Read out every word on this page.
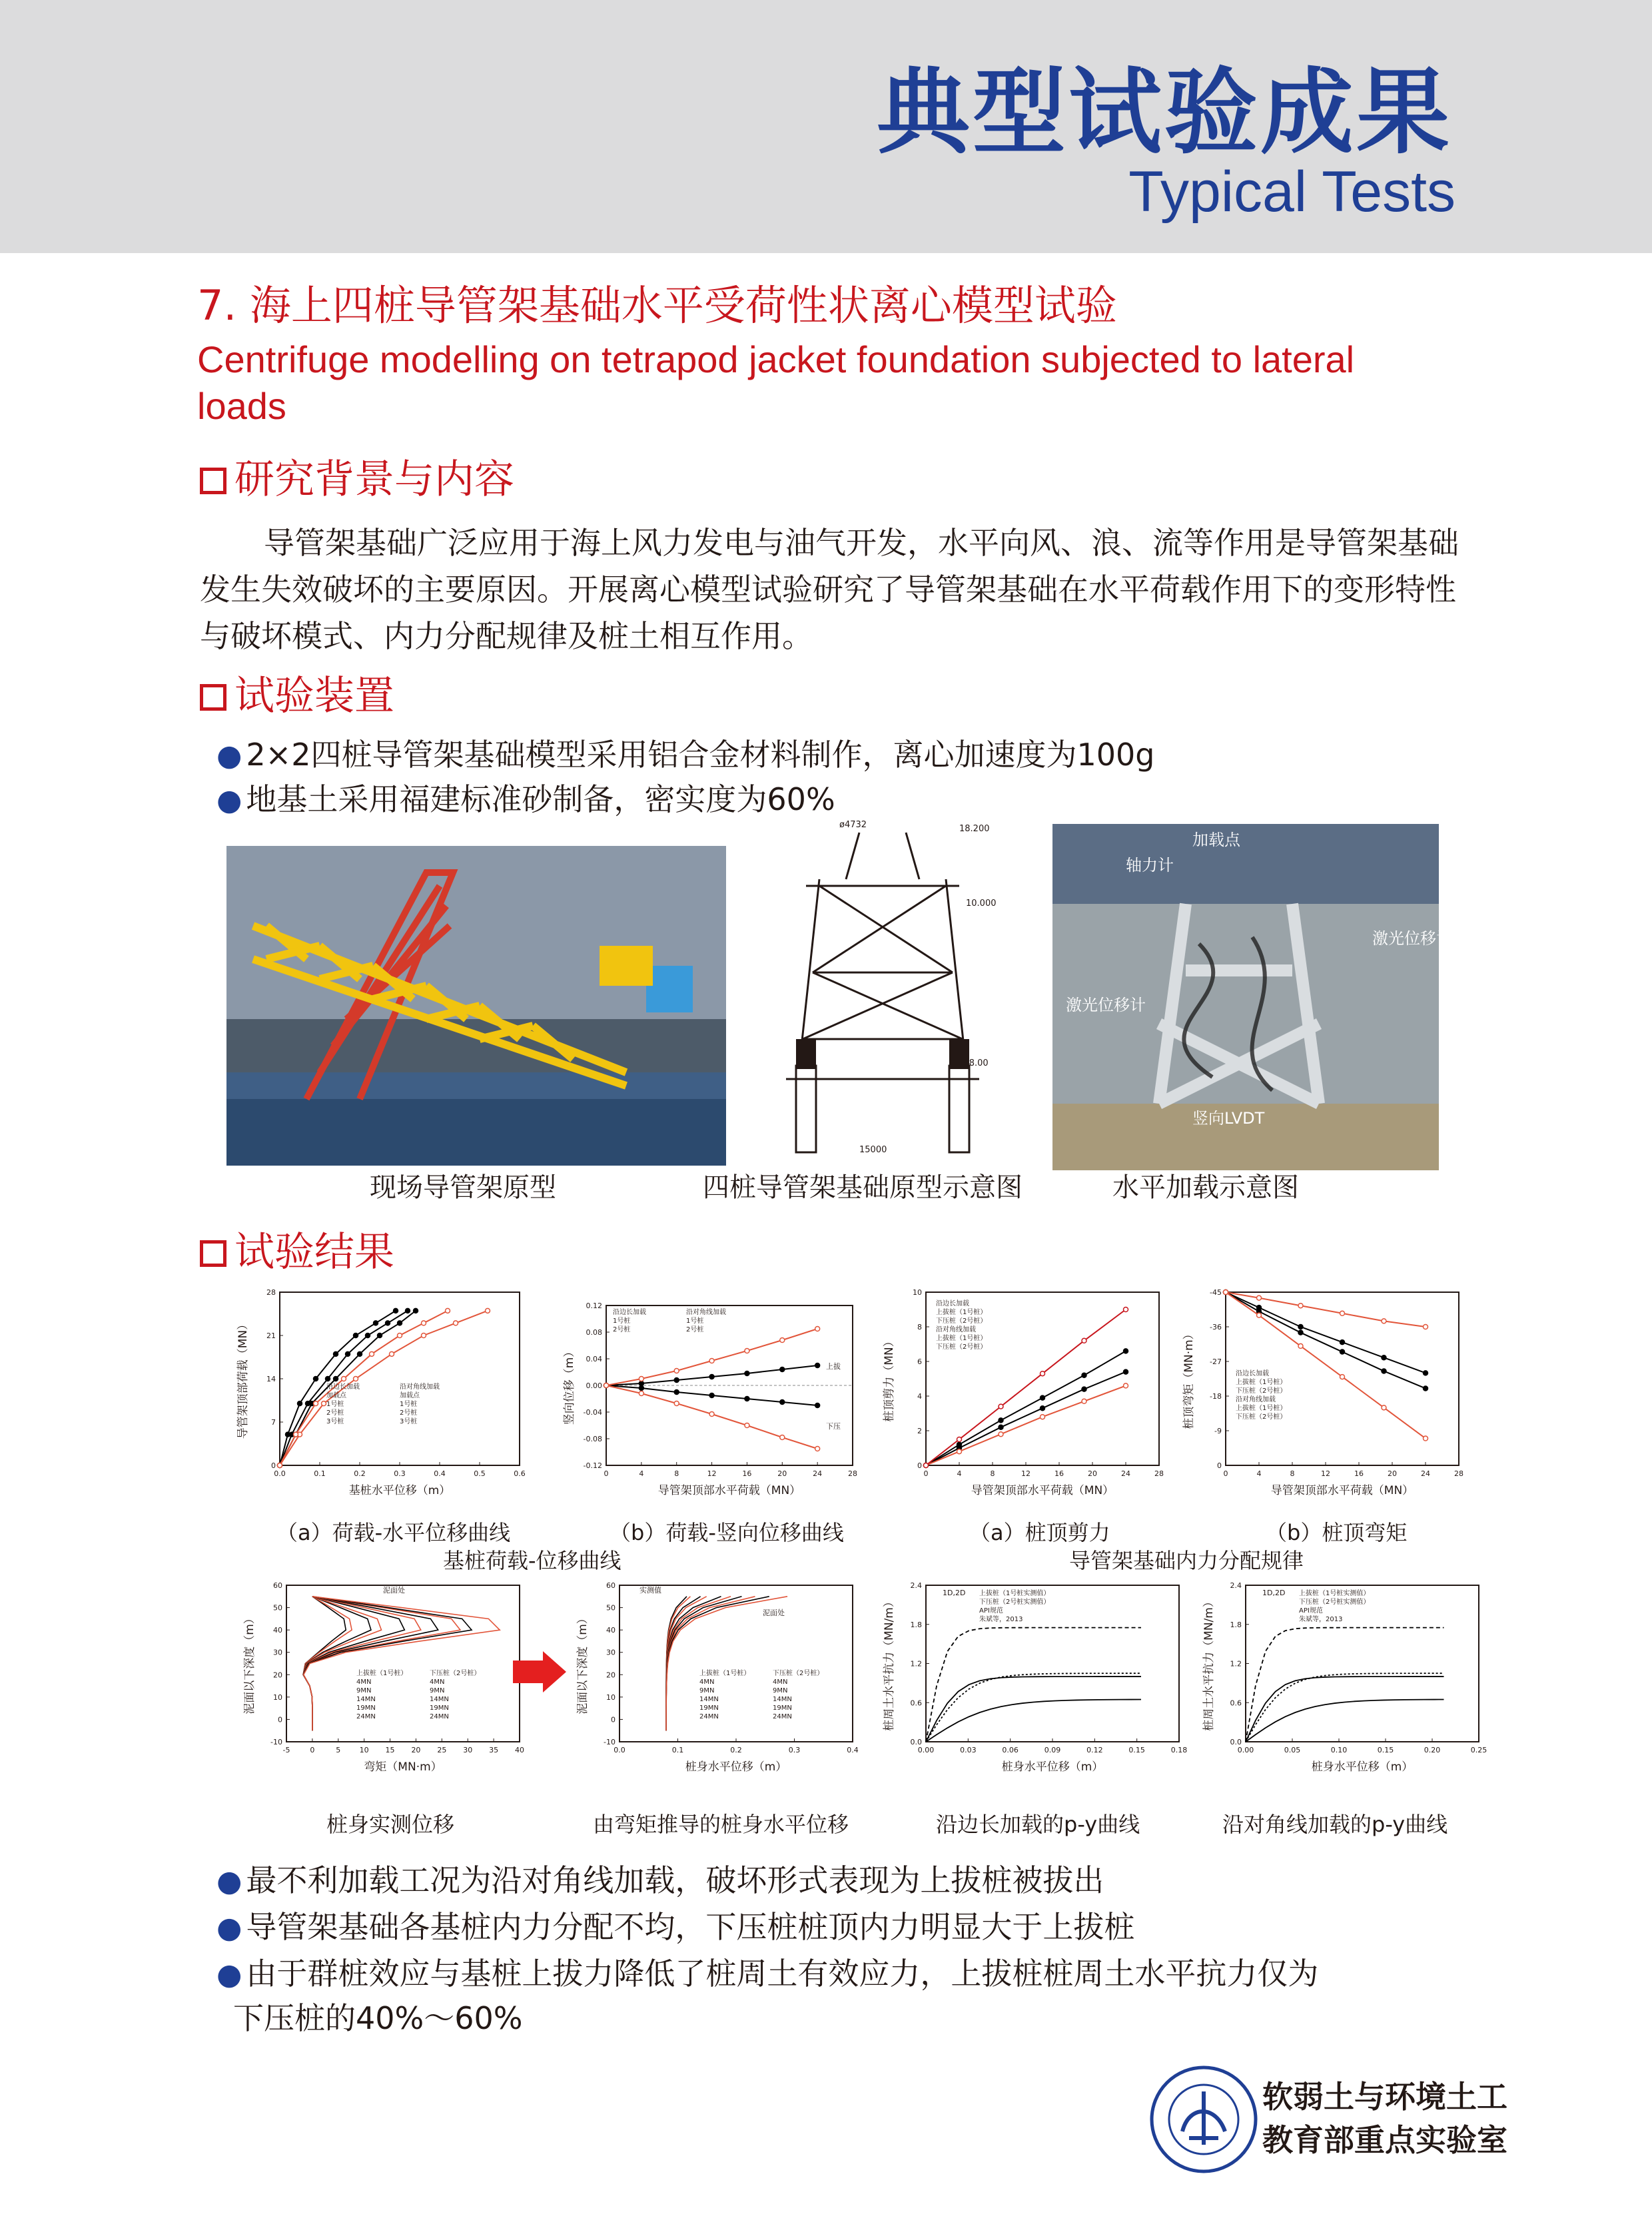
典型试验成果
Typical Tests
7. 海上四桩导管架基础水平受荷性状离心模型试验
Centrifuge modelling on tetrapod jacket foundation subjected to lateral loads
研究背景与内容
导管架基础广泛应用于海上风力发电与油气开发，水平向风、浪、流等作用是导管架基础发生失效破坏的主要原因。开展离心模型试验研究了导管架基础在水平荷载作用下的变形特性与破坏模式、内力分配规律及桩土相互作用。
试验装置
● 2×2四桩导管架基础模型采用铝合金材料制作，离心加速度为100g
● 地基土采用福建标准砂制备，密实度为60%
ø4732	18.200
10.000
-8.00
15000
加载点
轴力计
激光位移计
激光位移计
竖向LVDT
现场导管架原型	四桩导管架基础原型示意图	水平加载示意图
试验结果
0.0	0.1	0.2	0.3	0.4	0.5	0.6
0
7
14
21
28
基桩水平位移（m）
导管架顶部荷载（MN）	沿边长加载
加载点
1号桩
2号桩
3号桩
沿对角线加载
加载点
1号桩
2号桩
3号桩
0	4	8	12	16	20	24	28
-0.12
-0.08
-0.04
0.00
0.04
0.08
0.12
导管架顶部水平荷载（MN）
竖向位移（m）
沿边长加载
1号桩
2号桩
沿对角线加载
1号桩
2号桩
上拔
下压
0	4	8	12	16	20	24	28
0
2
4
6
8
10
导管架顶部水平荷载（MN）
桩顶剪力（MN）
沿边长加载
上拔桩（1号桩）
下压桩（2号桩）
沿对角线加载
上拔桩（1号桩）
下压桩（2号桩）
0	4	8	12	16	20	24	28
0
-9
-18
-27
-36
-45
导管架顶部水平荷载（MN）
桩顶弯矩（MN·m）	沿边长加载
上拔桩（1号桩）
下压桩（2号桩）
沿对角线加载
上拔桩（1号桩）
下压桩（2号桩）
（a）荷载-水平位移曲线	（b）荷载-竖向位移曲线	（a）桩顶剪力	（b）桩顶弯矩
基桩荷载-位移曲线	导管架基础内力分配规律
-5	0	5	10 15 20 25 30 35 40
-10
0
10
20
30
40
50
60
弯矩（MN·m）
泥面以下深度（m）	上拔桩（1号桩）
4MN
9MN
14MN
19MN
24MN
下压桩（2号桩）
4MN
9MN
14MN
19MN
24MN
泥面处
0.0	0.1	0.2	0.3	0.4
-10
0
10
20
30
40
50
60
桩身水平位移（m）
泥面以下深度（m）	上拔桩（1号桩）
4MN
9MN
14MN
19MN
24MN
下压桩（2号桩）
4MN
9MN
14MN
19MN
24MN
实测值
泥面处
0.00	0.03	0.06	0.09	0.12	0.15	0.18
0.0
0.6
1.2
1.8
2.4
桩身水平位移（m）
桩周土水平抗力（MN/m）
上拔桩（1号桩实测值）
下压桩（2号桩实测值）
API规范
朱斌等，2013
1D,2D
0.00	0.05	0.10	0.15	0.20	0.25
0.0
0.6
1.2
1.8
2.4
桩身水平位移（m）
桩周土水平抗力（MN/m）
上拔桩（1号桩实测值）
下压桩（2号桩实测值）
API规范
朱斌等，2013
1D,2D
桩身实测位移	由弯矩推导的桩身水平位移	沿边长加载的p-y曲线	沿对角线加载的p-y曲线
● 最不利加载工况为沿对角线加载，破坏形式表现为上拔桩被拔出
● 导管架基础各基桩内力分配不均，下压桩桩顶内力明显大于上拔桩
● 由于群桩效应与基桩上拔力降低了桩周土有效应力，上拔桩桩周土水平抗力仅为
下压桩的40%～60%
软弱土与环境土工
教育部重点实验室
